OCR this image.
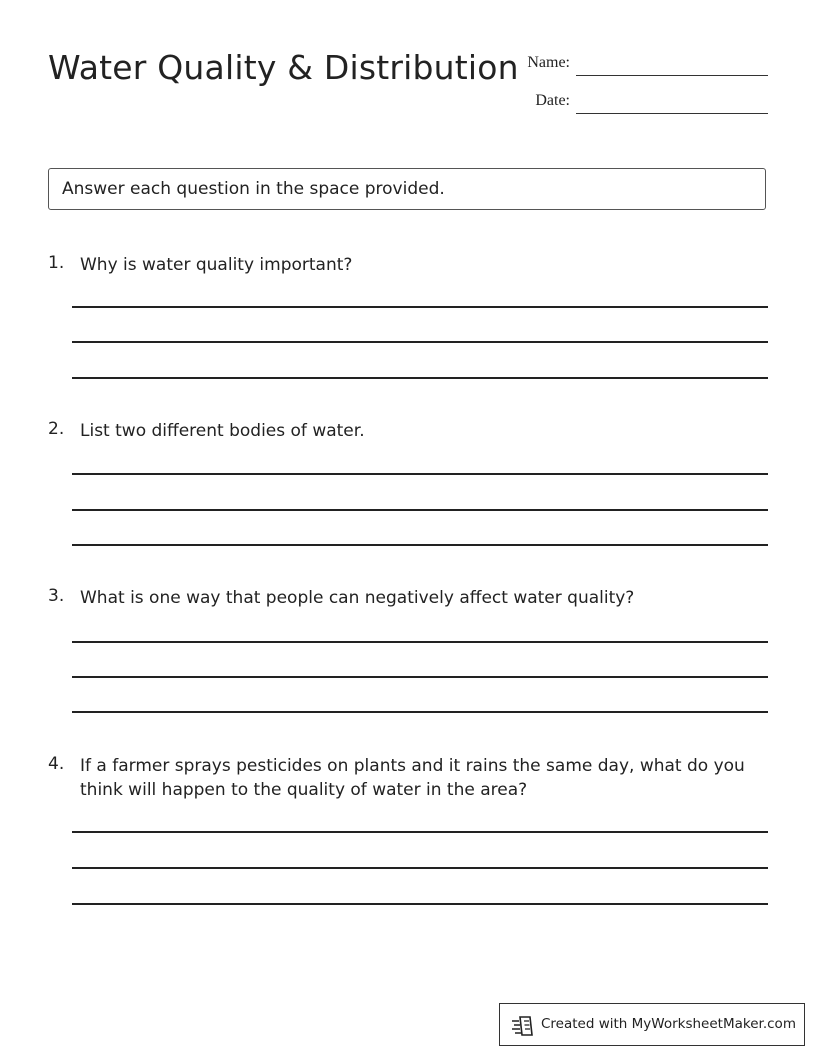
Water Quality & Distribution Name:
Date:
Answer each question in the space provided.
1. Why is water quality important?
2. List two different bodies of water.
3. What is one way that people can negatively affect water quality?
4. If a farmer sprays pesticides on plants and it rains the same day, what do you think will happen to the quality of water in the area?
Created with MyWorksheetMaker.com
